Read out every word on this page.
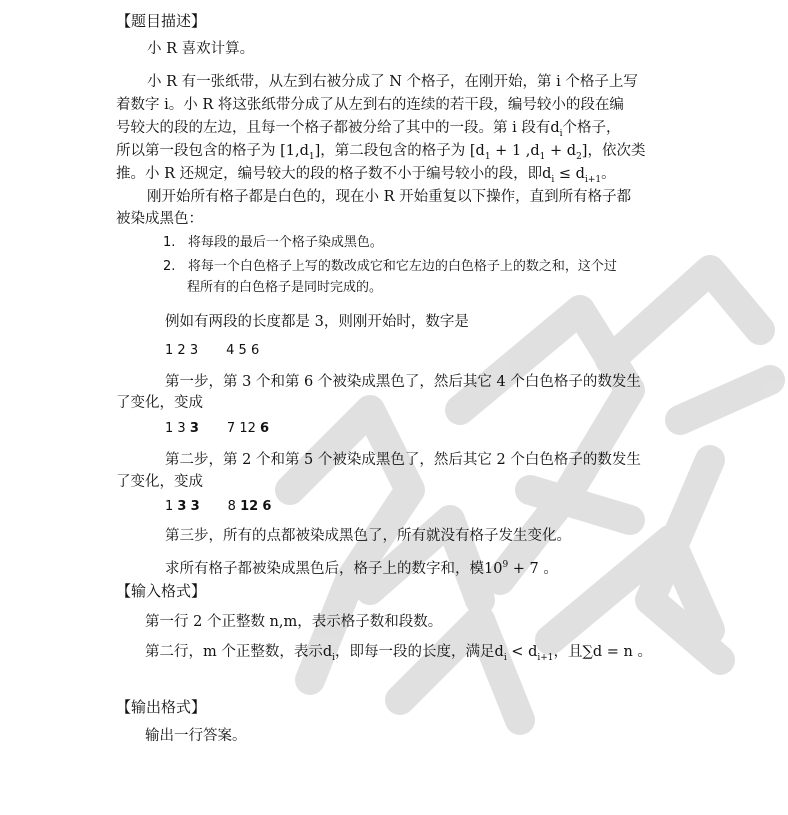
【题目描述】
小 R 喜欢计算。
小 R 有一张纸带，从左到右被分成了 N 个格子，在刚开始，第 i 个格子上写
着数字 i。小 R 将这张纸带分成了从左到右的连续的若干段，编号较小的段在编
号较大的段的左边，且每一个格子都被分给了其中的一段。第 i 段有$d_i$个格子，
所以第一段包含的格子为 $[1,d_1]$，第二段包含的格子为 [$d_1 + 1$ $,d_1 + d_2$]，依次类
推。小 R 还规定，编号较大的段的格子数不小于编号较小的段，即$d_i \le d_{i+1}$。
刚开始所有格子都是白色的，现在小 R 开始重复以下操作，直到所有格子都
被染成黑色：
1. 将每段的最后一个格子染成黑色。
2. 将每一个白色格子上写的数改成它和它左边的白色格子上的数之和，这个过
程所有的白色格子是同时完成的。
例如有两段的长度都是 3，则刚开始时，数字是
1 2 3 4 5 6
第一步，第 3 个和第 6 个被染成黑色了，然后其它 4 个白色格子的数发生
了变化，变成
1 3 3 7 12 6
第二步，第 2 个和第 5 个被染成黑色了，然后其它 2 个白色格子的数发生
了变化，变成
1 3 3 8 12 6
第三步，所有的点都被染成黑色了，所有就没有格子发生变化。
求所有格子都被染成黑色后，格子上的数字和，模$10^9 + 7$ 。
【输入格式】
第一行 2 个正整数 n,m，表示格子数和段数。
第二行，m 个正整数，表示$d_i$，即每一段的长度，满足$d_i < d_{i+1}$，且∑d = n 。
【输出格式】
输出一行答案。
